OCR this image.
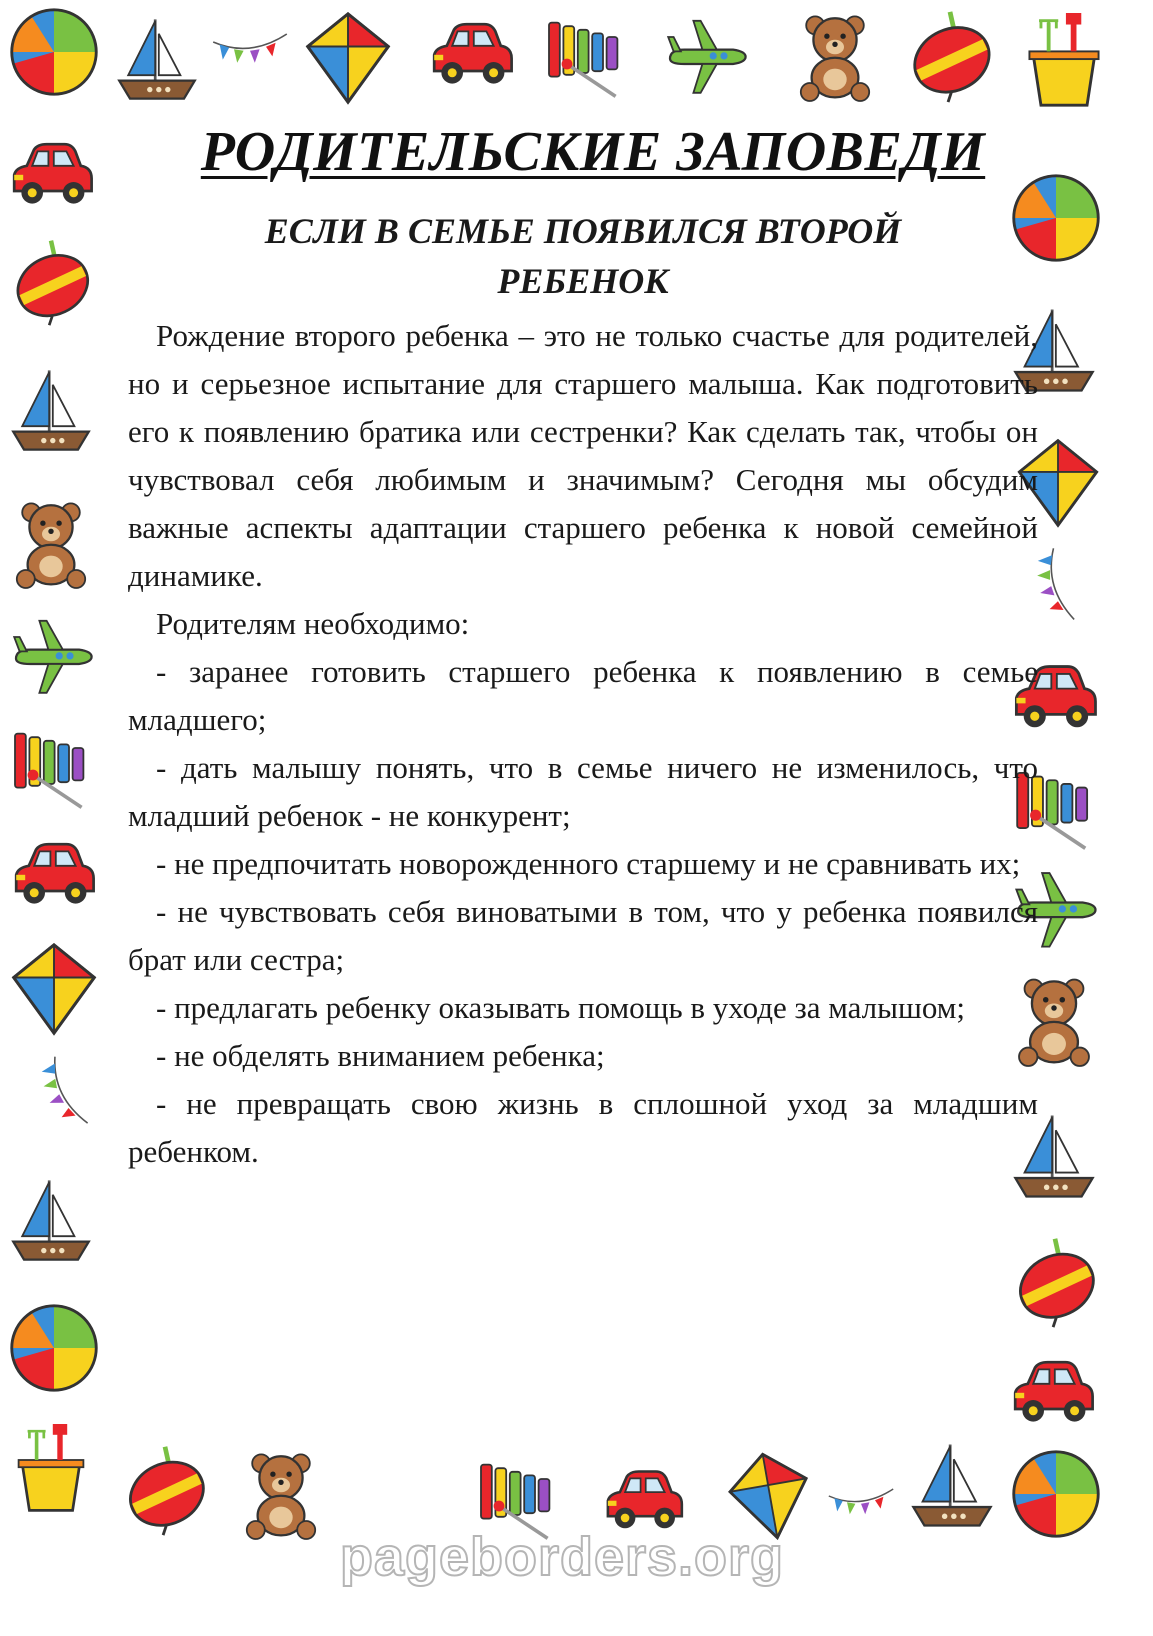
РОДИТЕЛЬСКИЕ ЗАПОВЕДИ
ЕСЛИ В СЕМЬЕ ПОЯВИЛСЯ ВТОРОЙ РЕБЕНОК

Рождение второго ребенка – это не только счастье для родителей, но и серьезное испытание для старшего малыша. Как подготовить его к появлению братика или сестренки? Как сделать так, чтобы он чувствовал себя любимым и значимым? Сегодня мы обсудим важные аспекты адаптации старшего ребенка к новой семейной динамике.

Родителям необходимо:

- заранее готовить старшего ребенка к появлению в семье младшего;

- дать малышу понять, что в семье ничего не изменилось, что младший ребенок - не конкурент;

- не предпочитать новорожденного старшему и не сравнивать их;

- не чувствовать себя виноватыми в том, что у ребенка появился брат или сестра;

- предлагать ребенку оказывать помощь в уходе за малышом;

- не обделять вниманием ребенка;

- не превращать свою жизнь в сплошной уход за младшим ребенком.

pageborders.org
